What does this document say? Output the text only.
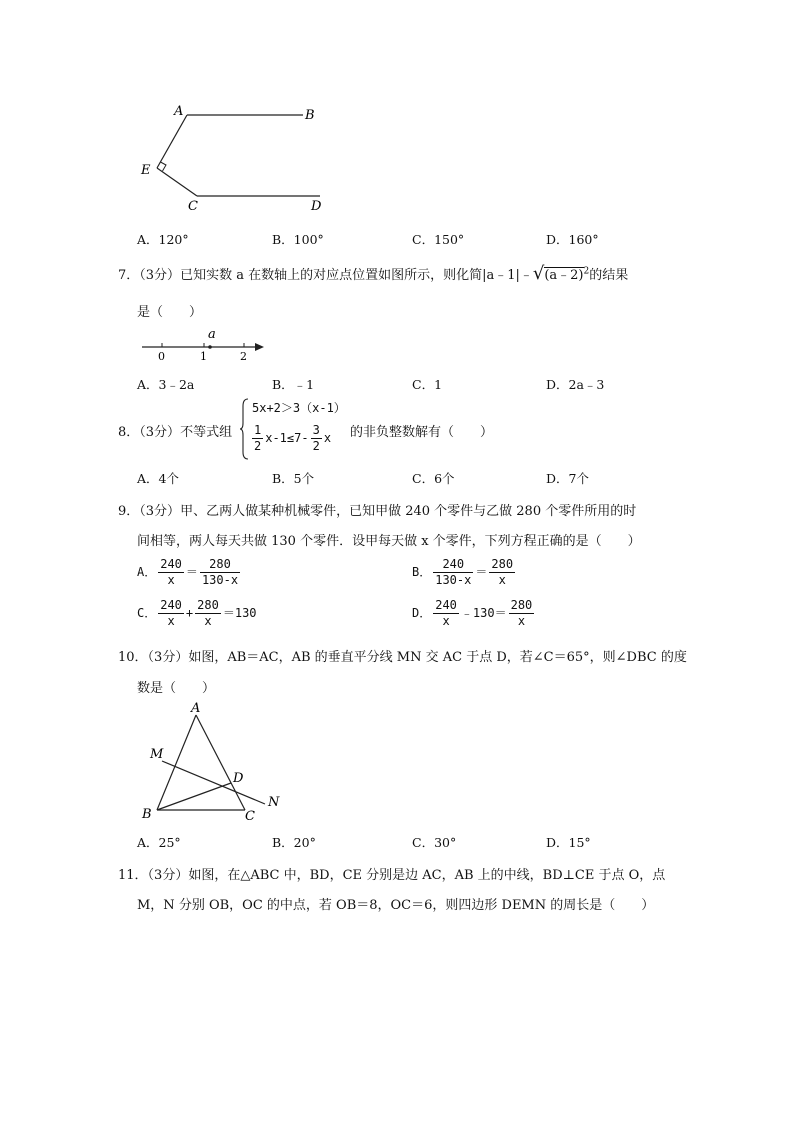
A	B
E
C	D
A．120°	B．100°	C．150°	D．160°
7．（3分）已知实数 a 在数轴上的对应点位置如图所示，则化简|a﹣1|﹣√(a﹣2)$^2$的结果
是（　　）
a
0	1	2
A．3﹣2a	B．﹣1	C．1	D．2a﹣3
8．（3分）不等式组
5x+2＞3（x-1）
$\frac{1}{2} x-1\le 7- \frac{3}{2}$ x 的非负整数解有（　　）
A．4个	B．5个	C．6个	D．7个
9．（3分）甲、乙两人做某种机械零件，已知甲做 240 个零件与乙做 280 个零件所用的时
间相等，两人每天共做 130 个零件．设甲每天做 x 个零件，下列方程正确的是（　　）
A． $\frac{240}{x} = \frac{280}{130-x}$	B． $\frac{240}{130-x} = \frac{280}{x}$
C． $\frac{240}{x} + \frac{280}{x} =130$	D． $\frac{240}{x}$ ﹣130＝ $\frac{280}{x}$
10．（3分）如图，AB＝AC，AB 的垂直平分线 MN 交 AC 于点 D，若∠C＝65°，则∠DBC 的度
数是（　　）
A
M
D
N
B	C
A．25°	B．20°	C．30°	D．15°
11．（3分）如图，在△ABC 中，BD，CE 分别是边 AC，AB 上的中线，BD⊥CE 于点 O，点
M，N 分别 OB，OC 的中点，若 OB＝8，OC＝6，则四边形 DEMN 的周长是（　　）
